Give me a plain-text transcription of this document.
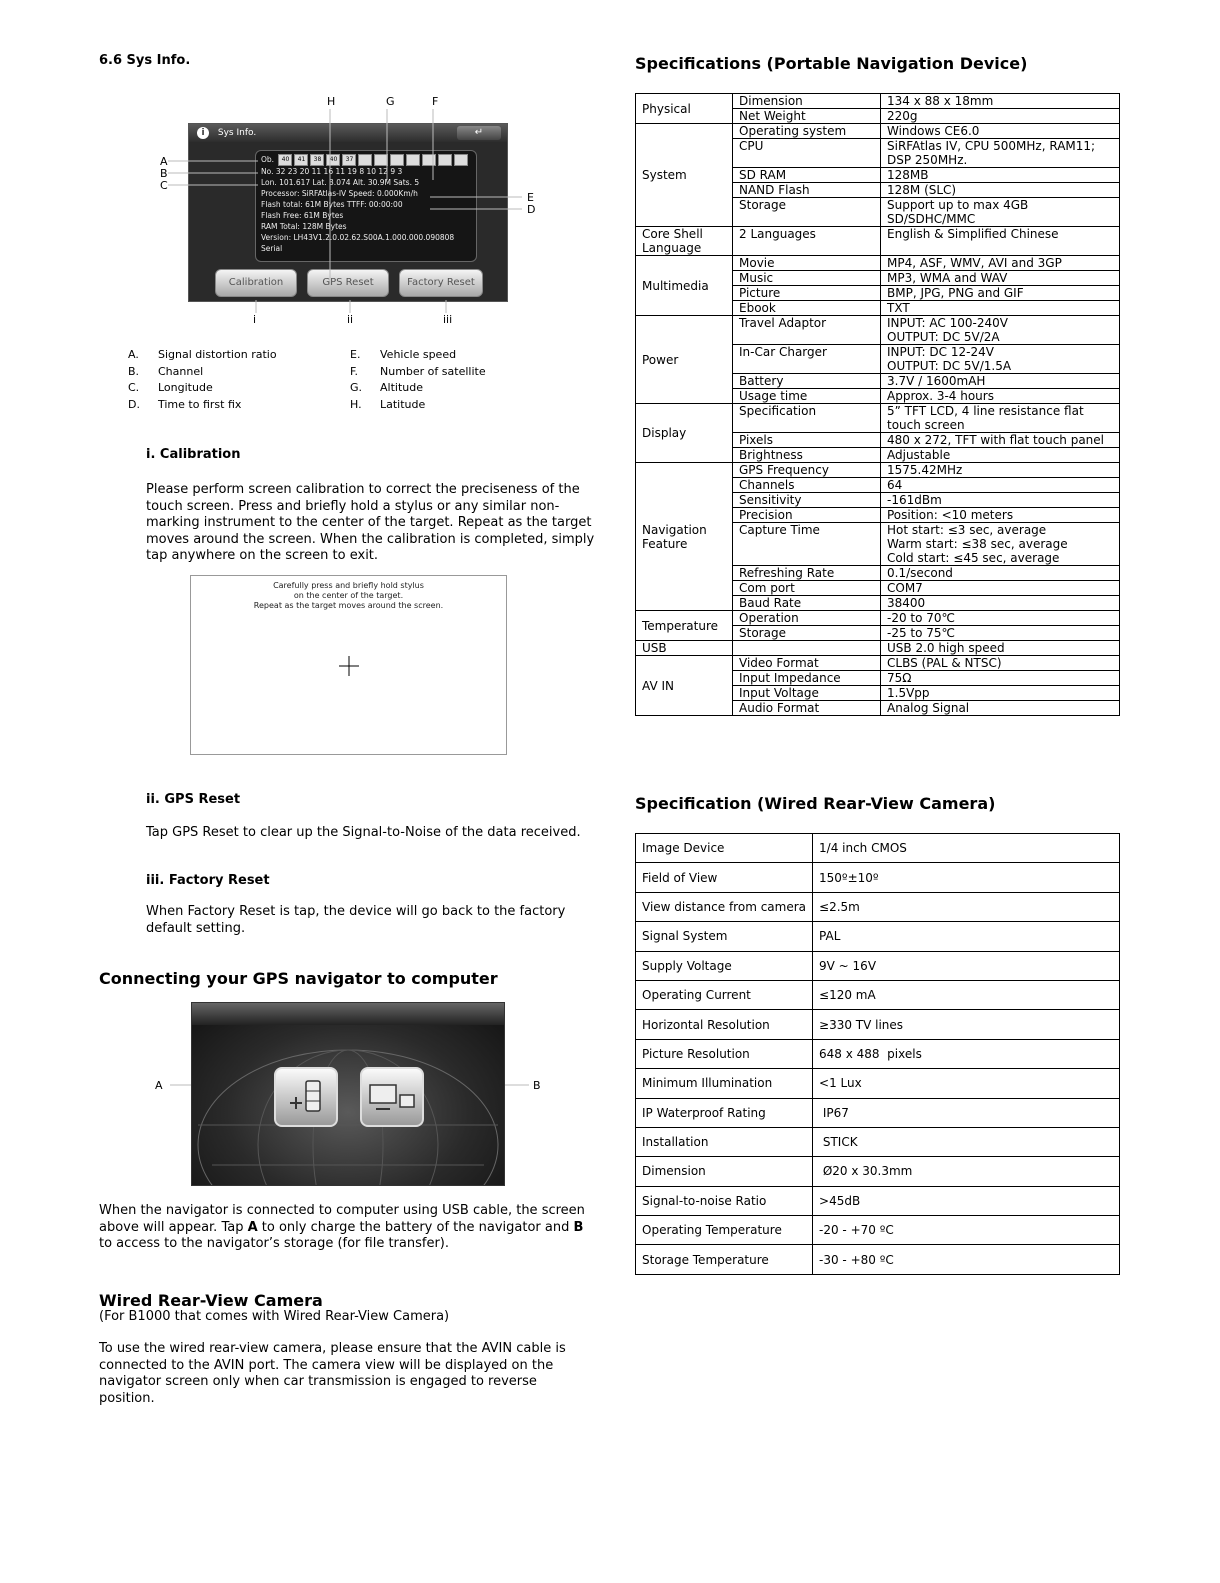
6.6 Sys Info.
H	G	F
A
B
C
E
D
i Sys Info.	↵
Ob. 40 41 38 40 37
No. 32 23 20 11 16 11 19 8 10 12 9 3
Lon. 101.617 Lat. 3.074 Alt. 30.9M Sats. 5
Processor: SiRFAtlas-IV Speed: 0.000Km/h
Flash total: 61M Bytes TTFF: 00:00:00
Flash Free: 61M Bytes
RAM Total: 128M Bytes
Version: LH43V1.2.0.02.62.S00A.1.000.000.090808
Serial
Calibration	GPS Reset	Factory Reset
i	ii	iii
A. Signal distortion ratio
B. Channel
C. Longitude
D. Time to first fix
E. Vehicle speed
F. Number of satellite
G. Altitude
H. Latitude
i. Calibration
Please perform screen calibration to correct the preciseness of the touch screen. Press and briefly hold a stylus or any similar non-marking instrument to the center of the target. Repeat as the target moves around the screen. When the calibration is completed, simply tap anywhere on the screen to exit.
Carefully press and briefly hold stylus
on the center of the target.
Repeat as the target moves around the screen.
ii. GPS Reset
Tap GPS Reset to clear up the Signal-to-Noise of the data received.
iii. Factory Reset
When Factory Reset is tap, the device will go back to the factory default setting.
Connecting your GPS navigator to computer
A	B
When the navigator is connected to computer using USB cable, the screen above will appear. Tap A to only charge the battery of the navigator and B to access to the navigator’s storage (for file transfer).
Wired Rear-View Camera
(For B1000 that comes with Wired Rear-View Camera)
To use the wired rear-view camera, please ensure that the AVIN cable is connected to the AVIN port. The camera view will be displayed on the navigator screen only when car transmission is engaged to reverse position.
Specifications (Portable Navigation Device)
Physical	Dimension	134 x 88 x 18mm
	Net Weight	220g
System	Operating system	Windows CE6.0
	CPU	SiRFAtlas IV, CPU 500MHz, RAM11; DSP 250MHz.
	SD RAM	128MB
	NAND Flash	128M (SLC)
	Storage	Support up to max 4GB SD/SDHC/MMC
Core Shell Language	2 Languages	English & Simplified Chinese
Multimedia	Movie	MP4, ASF, WMV, AVI and 3GP
	Music	MP3, WMA and WAV
	Picture	BMP, JPG, PNG and GIF
	Ebook	TXT
Power	Travel Adaptor	INPUT: AC 100-240V
OUTPUT: DC 5V/2A
	In-Car Charger	INPUT: DC 12-24V
OUTPUT: DC 5V/1.5A
	Battery	3.7V / 1600mAH
	Usage time	Approx. 3-4 hours
Display	Specification	5” TFT LCD, 4 line resistance flat touch screen
	Pixels	480 x 272, TFT with flat touch panel
	Brightness	Adjustable
Navigation Feature	GPS Frequency	1575.42MHz
	Channels	64
	Sensitivity	-161dBm
	Precision	Position: <10 meters
	Capture Time	Hot start: ≤3 sec, average
Warm start: ≤38 sec, average
Cold start: ≤45 sec, average
	Refreshing Rate	0.1/second
	Com port	COM7
	Baud Rate	38400
Temperature	Operation	-20 to 70℃
	Storage	-25 to 75℃
USB		USB 2.0 high speed
AV IN	Video Format	CLBS (PAL & NTSC)
	Input Impedance	75Ω
	Input Voltage	1.5Vpp
	Audio Format	Analog Signal
Specification (Wired Rear-View Camera)
Image Device	1/4 inch CMOS
Field of View	150º±10º
View distance from camera	≤2.5m
Signal System	PAL
Supply Voltage	9V ~ 16V
Operating Current	≤120 mA
Horizontal Resolution	≥330 TV lines
Picture Resolution	648 x 488  pixels
Minimum Illumination	<1 Lux
IP Waterproof Rating	IP67
Installation	STICK
Dimension	Ø20 x 30.3mm
Signal-to-noise Ratio	>45dB
Operating Temperature	-20 - +70 ºC
Storage Temperature	-30 - +80 ºC
